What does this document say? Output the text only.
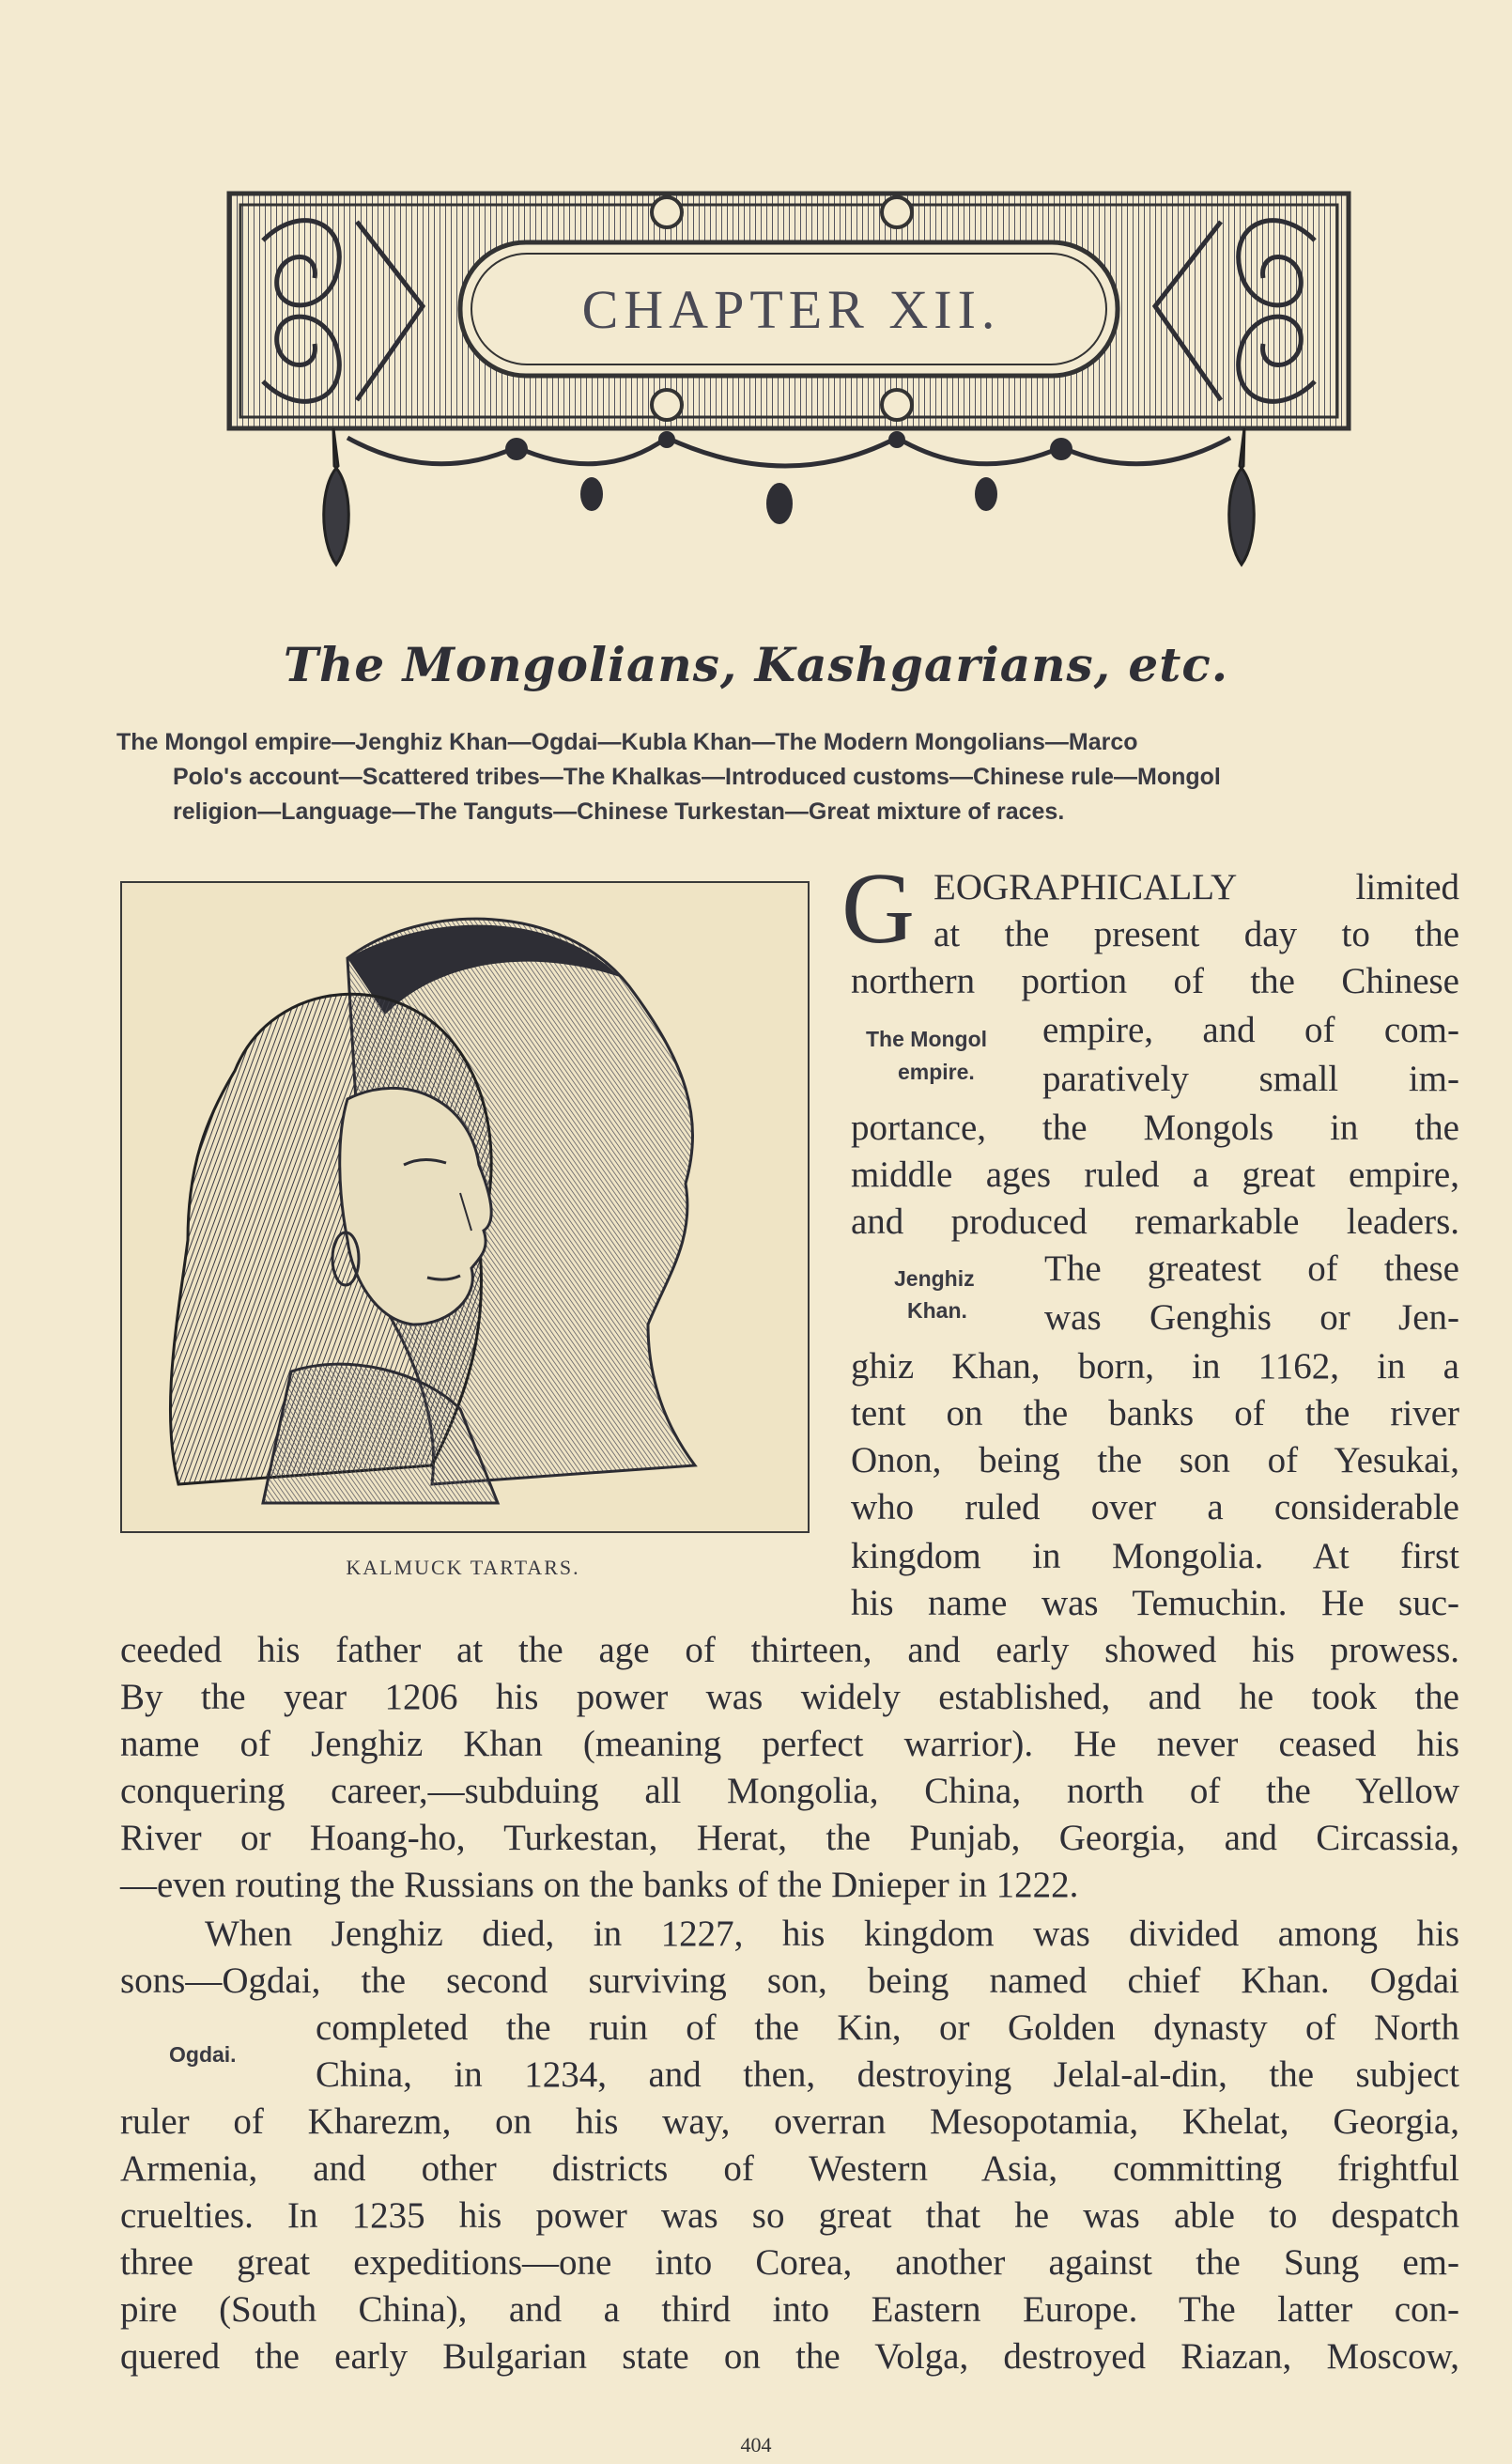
CHAPTER XII.
The Mongolians, Kashgarians, etc.
The Mongol empire—Jenghiz Khan—Ogdai—Kubla Khan—The Modern Mongolians—Marco
Polo's account—Scattered tribes—The Khalkas—Introduced customs—Chinese rule—Mongol
religion—Language—The Tanguts—Chinese Turkestan—Great mixture of races.
KALMUCK TARTARS.
G EOGRAPHICALLY limited
at the present day to the
northern portion of the Chinese
empire, and of com-
paratively small im-
portance, the Mongols in the
middle ages ruled a great empire,
and produced remarkable leaders.
The greatest of these
was Genghis or Jen-
ghiz Khan, born, in 1162, in a
tent on the banks of the river
Onon, being the son of Yesukai,
who ruled over a considerable
kingdom in Mongolia. At first
his name was Temuchin. He suc-
The Mongol
empire.
Jenghiz
Khan.
Ogdai.
ceeded his father at the age of thirteen, and early showed his prowess.
By the year 1206 his power was widely established, and he took the
name of Jenghiz Khan (meaning perfect warrior). He never ceased his
conquering career,—subduing all Mongolia, China, north of the Yellow
River or Hoang-ho, Turkestan, Herat, the Punjab, Georgia, and Circassia,
—even routing the Russians on the banks of the Dnieper in 1222.
When Jenghiz died, in 1227, his kingdom was divided among his
sons—Ogdai, the second surviving son, being named chief Khan. Ogdai
completed the ruin of the Kin, or Golden dynasty of North
China, in 1234, and then, destroying Jelal-al-din, the subject
ruler of Kharezm, on his way, overran Mesopotamia, Khelat, Georgia,
Armenia, and other districts of Western Asia, committing frightful
cruelties. In 1235 his power was so great that he was able to despatch
three great expeditions—one into Corea, another against the Sung em-
pire (South China), and a third into Eastern Europe. The latter con-
quered the early Bulgarian state on the Volga, destroyed Riazan, Moscow,
404
